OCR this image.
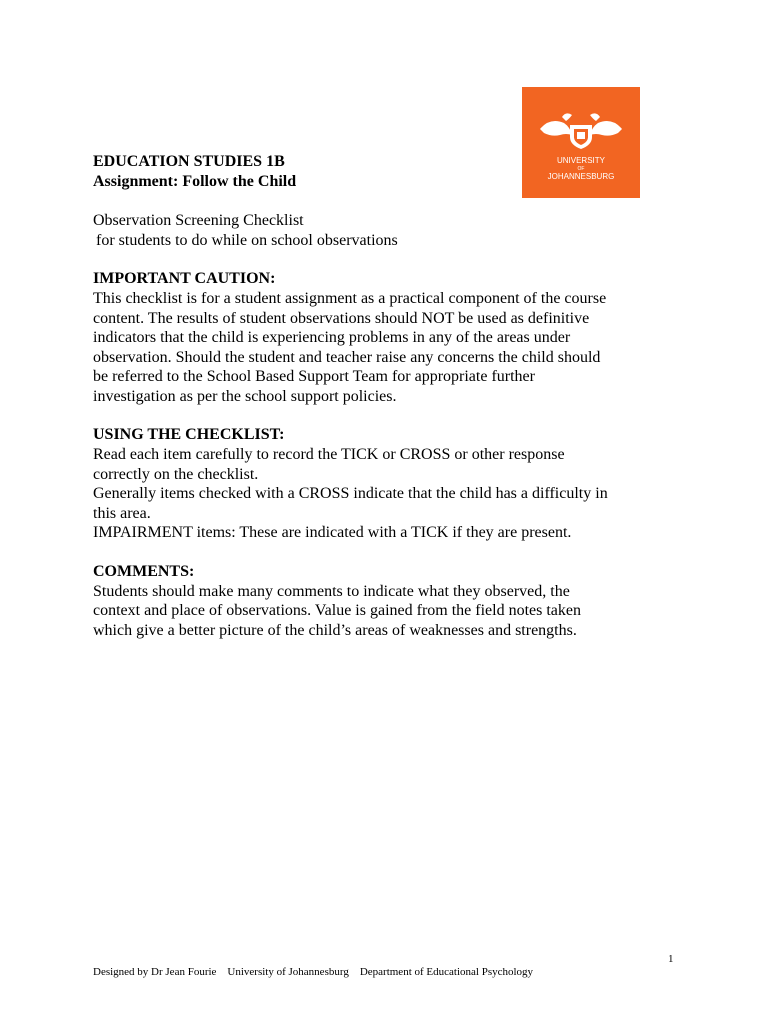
UNIVERSITY
OF
JOHANNESBURG

EDUCATION STUDIES 1B

Assignment: Follow the Child

Observation Screening Checklist

for students to do while on school observations

IMPORTANT CAUTION:

This checklist is for a student assignment as a practical component of the course

content. The results of student observations should NOT be used as definitive

indicators that the child is experiencing problems in any of the areas under

observation. Should the student and teacher raise any concerns the child should

be referred to the School Based Support Team for appropriate further

investigation as per the school support policies.

USING THE CHECKLIST:

Read each item carefully to record the TICK or CROSS or other response

correctly on the checklist.

Generally items checked with a CROSS indicate that the child has a difficulty in

this area.

IMPAIRMENT items: These are indicated with a TICK if they are present.

COMMENTS:

Students should make many comments to indicate what they observed, the

context and place of observations. Value is gained from the field notes taken

which give a better picture of the child’s areas of weaknesses and strengths.

1
Designed by Dr Jean Fourie University of Johannesburg Department of Educational Psychology
